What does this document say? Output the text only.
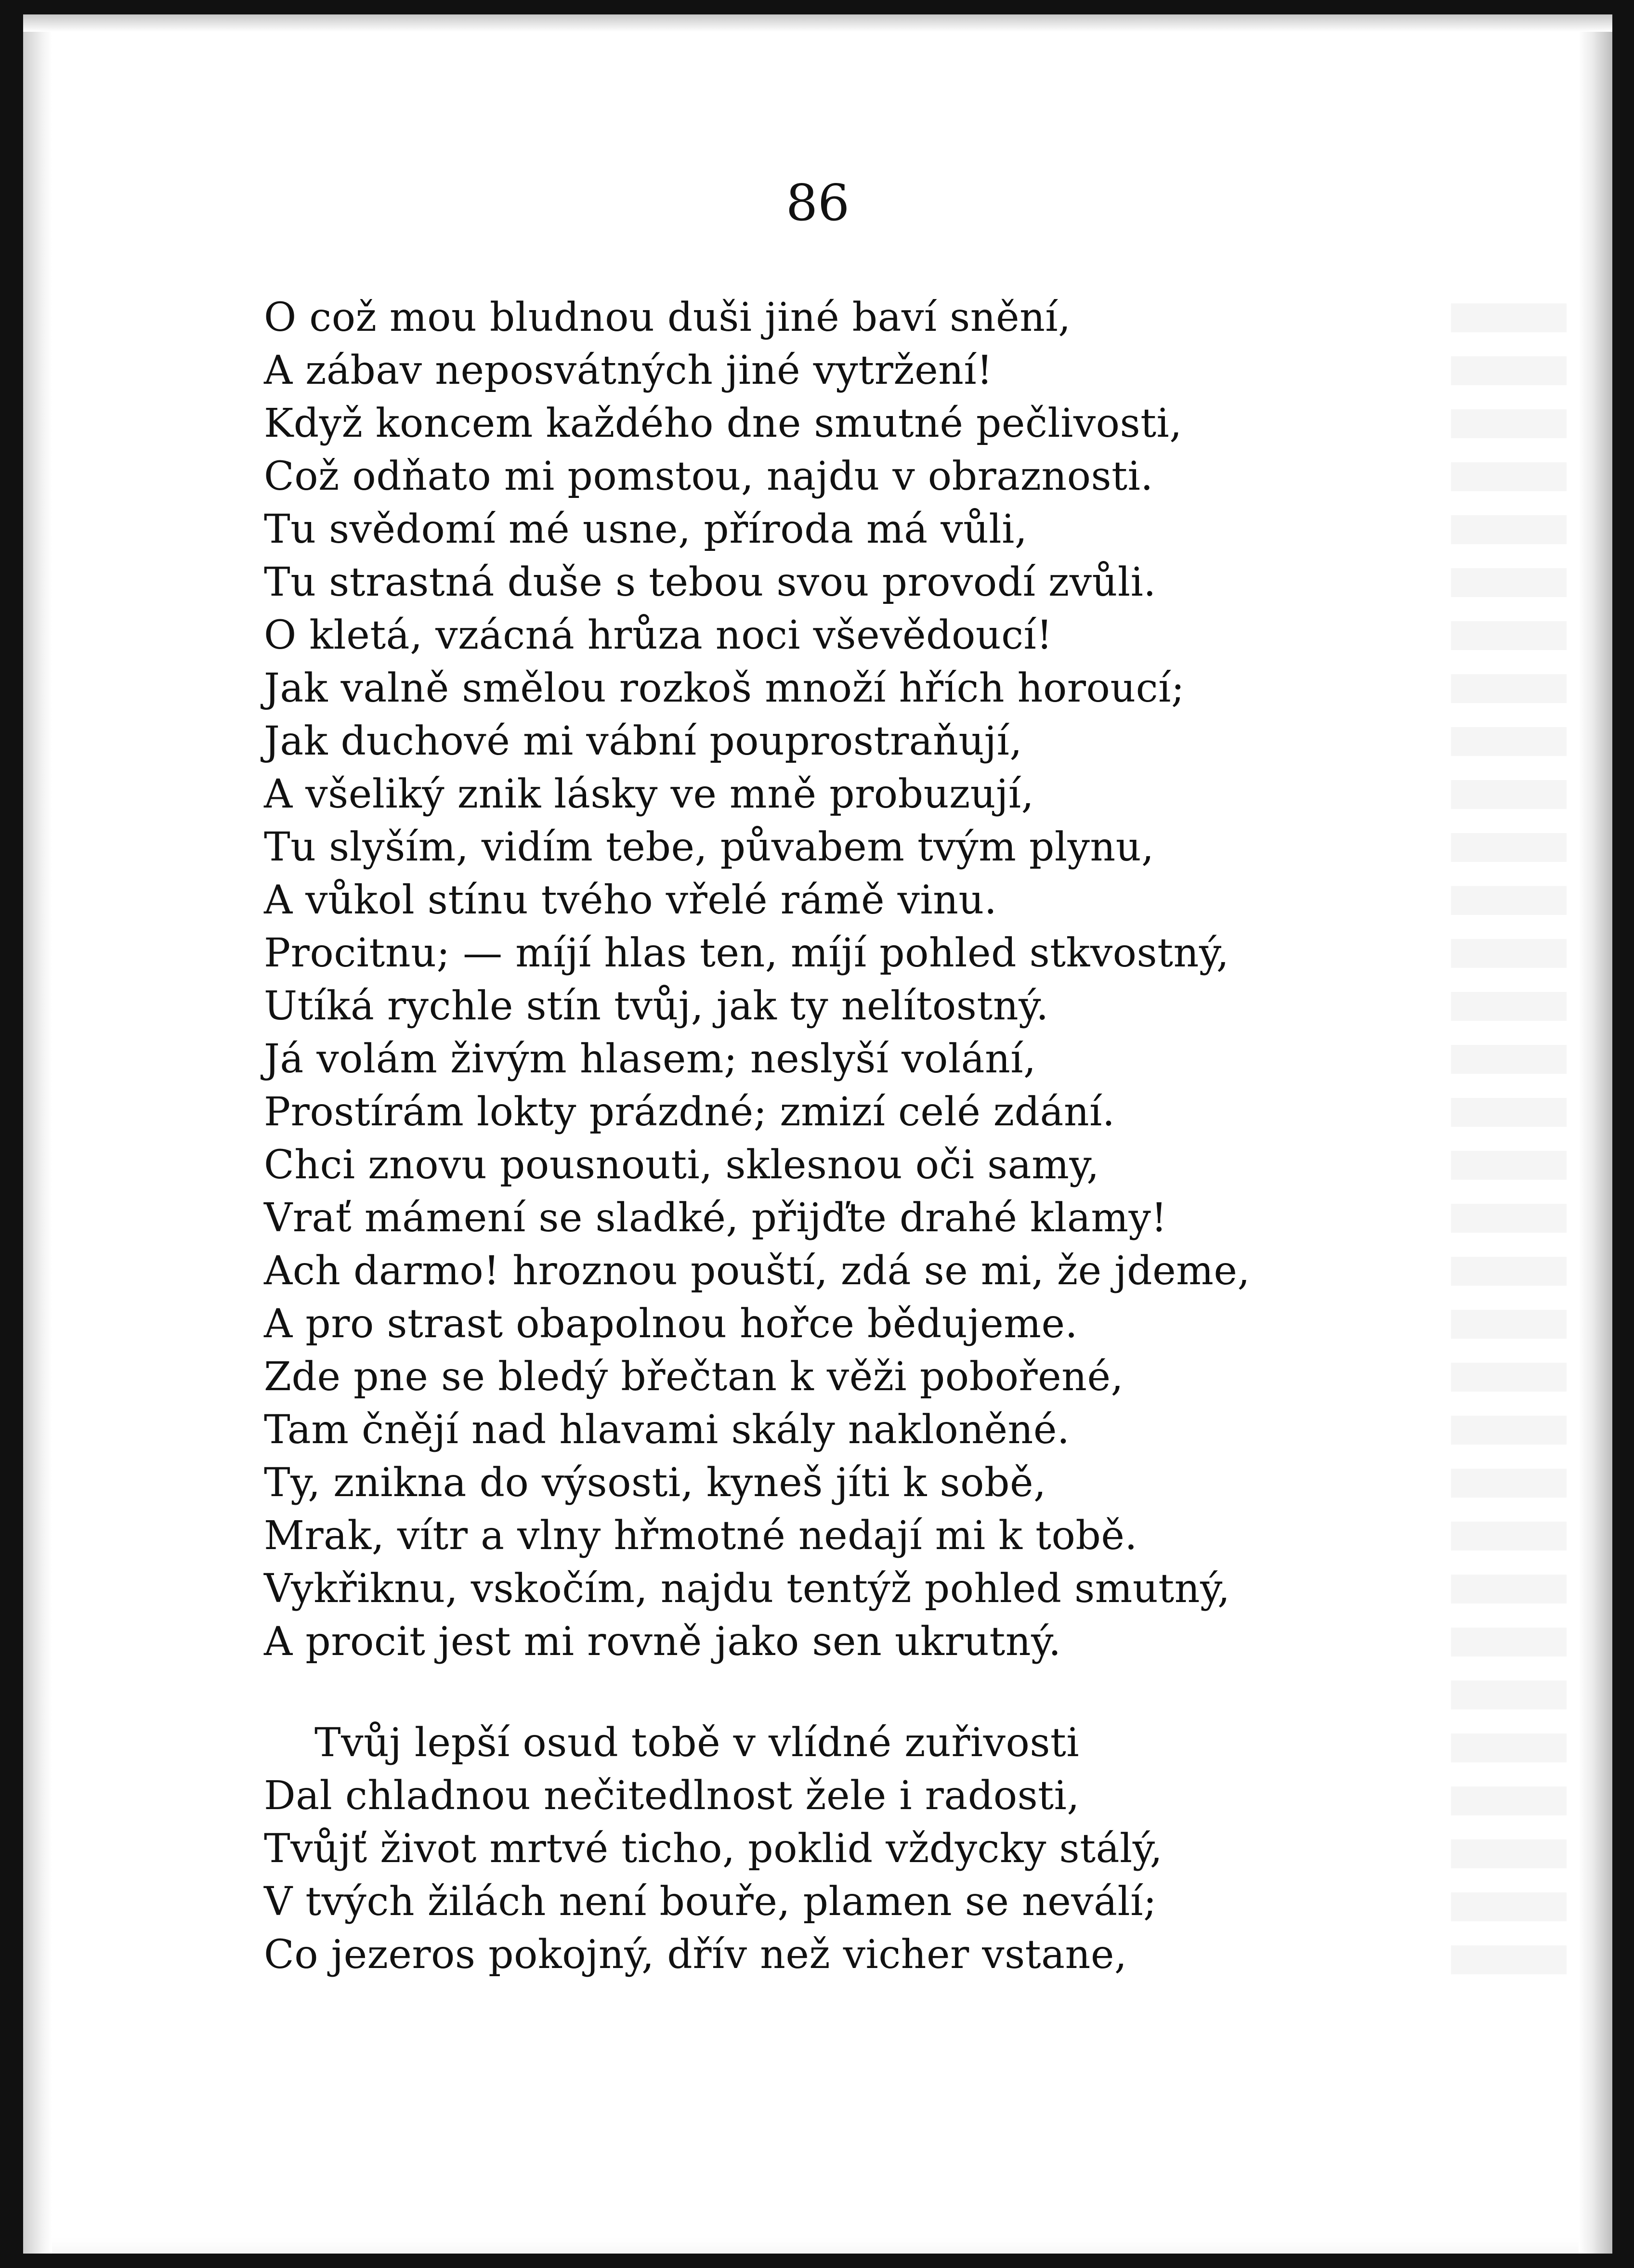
86
O což mou bludnou duši jiné baví snění,
A zábav neposvátných jiné vytržení!
Když koncem každého dne smutné pečlivosti,
Což odňato mi pomstou, najdu v obraznosti.
Tu svědomí mé usne, příroda má vůli,
Tu strastná duše s tebou svou provodí zvůli.
O kletá, vzácná hrůza noci vševědoucí!
Jak valně smělou rozkoš množí hřích horoucí;
Jak duchové mi vábní pouprostraňují,
A všeliký znik lásky ve mně probuzují,
Tu slyším, vidím tebe, půvabem tvým plynu,
A vůkol stínu tvého vřelé rámě vinu.
Procitnu; — míjí hlas ten, míjí pohled stkvostný,
Utíká rychle stín tvůj, jak ty nelítostný.
Já volám živým hlasem; neslyší volání,
Prostírám lokty prázdné; zmizí celé zdání.
Chci znovu pousnouti, sklesnou oči samy,
Vrať mámení se sladké, přijďte drahé klamy!
Ach darmo! hroznou pouští, zdá se mi, že jdeme,
A pro strast obapolnou hořce bědujeme.
Zde pne se bledý břečtan k věži pobořené,
Tam čnějí nad hlavami skály nakloněné.
Ty, znikna do výsosti, kyneš jíti k sobě,
Mrak, vítr a vlny hřmotné nedají mi k tobě.
Vykřiknu, vskočím, najdu tentýž pohled smutný,
A procit jest mi rovně jako sen ukrutný.
Tvůj lepší osud tobě v vlídné zuřivosti
Dal chladnou nečitedlnost žele i radosti,
Tvůjť život mrtvé ticho, poklid vždycky stálý,
V tvých žilách není bouře, plamen se neválí;
Co jezeros pokojný, dřív než vicher vstane,
